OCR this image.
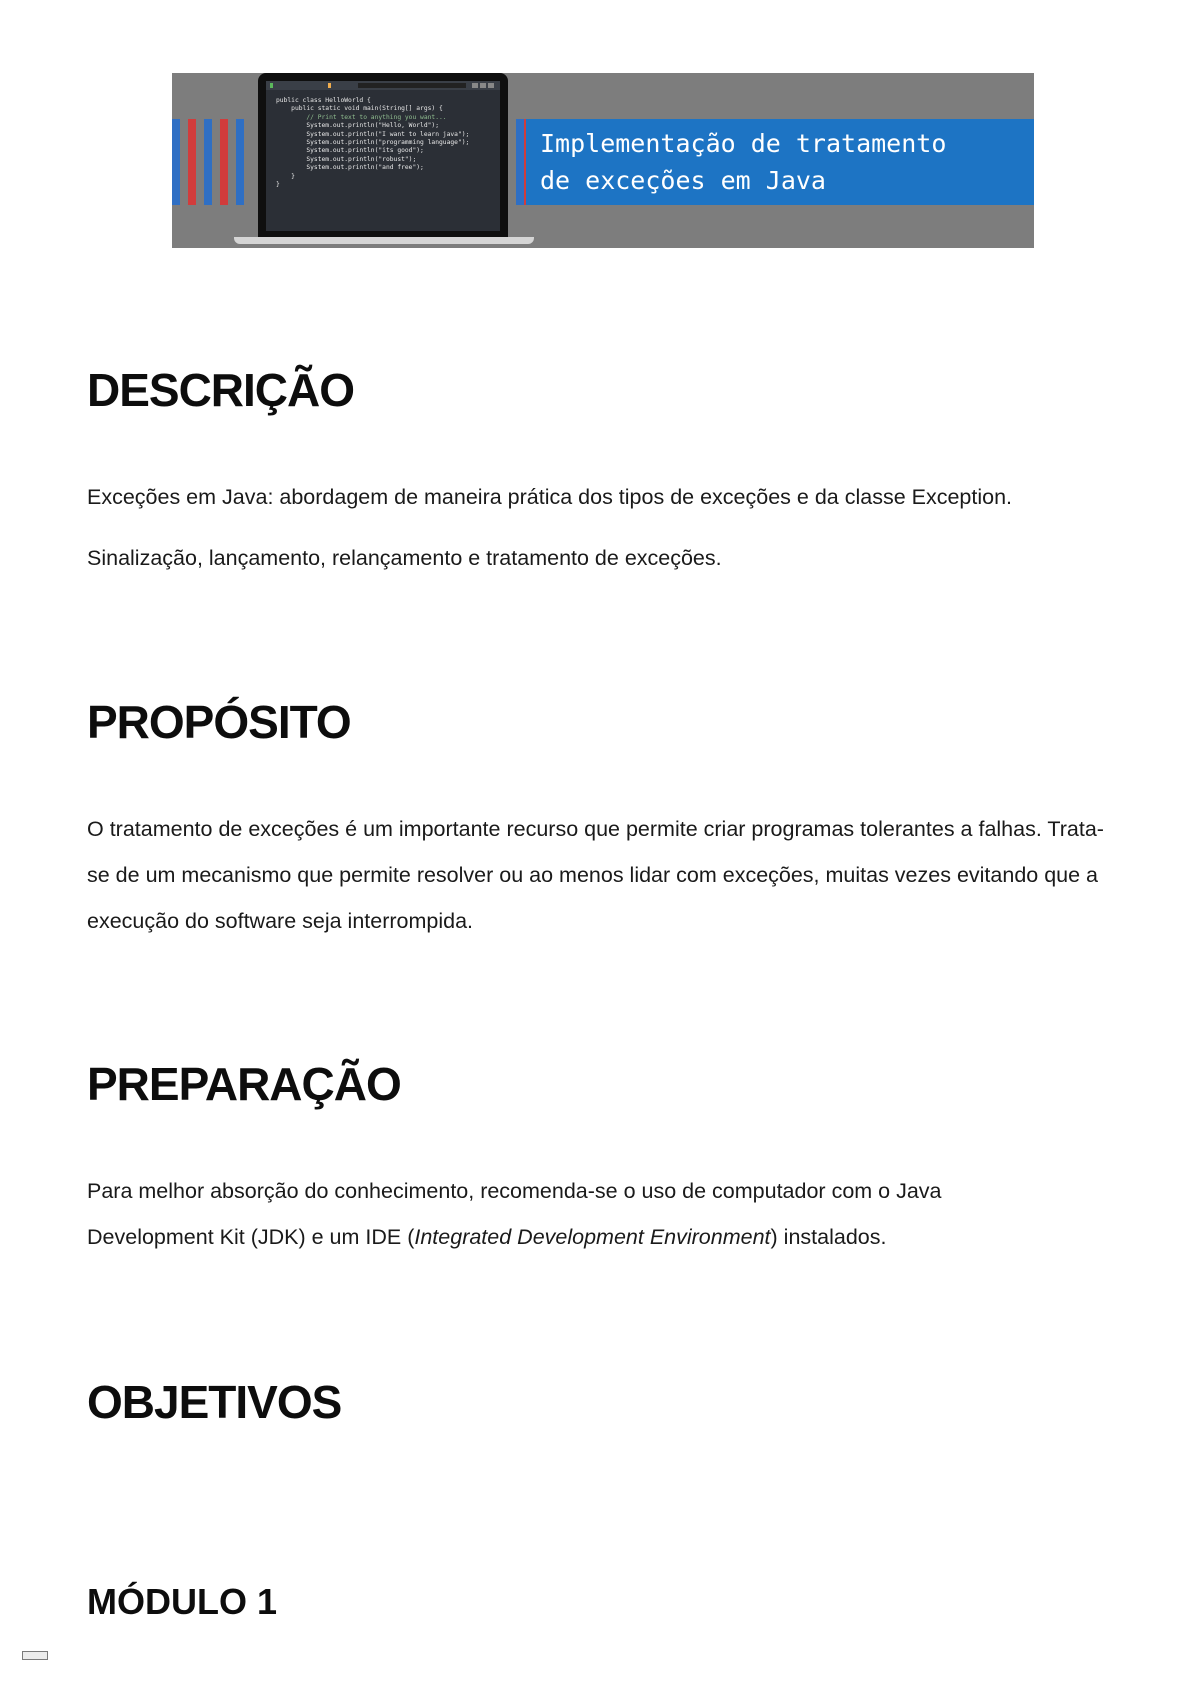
public class HelloWorld {
public static void main(String[] args) {
// Print text to anything you want...
System.out.println("Hello, World");
System.out.println("I want to learn java");
System.out.println("programming language");
System.out.println("its good");
System.out.println("robust");
System.out.println("and free");
}
}
Implementação de tratamento
de exceções em Java
DESCRIÇÃO

Exceções em Java: abordagem de maneira prática dos tipos de exceções e da classe Exception.

Sinalização, lançamento, relançamento e tratamento de exceções.

PROPÓSITO

O tratamento de exceções é um importante recurso que permite criar programas tolerantes a falhas. Trata-se de um mecanismo que permite resolver ou ao menos lidar com exceções, muitas vezes evitando que a execução do software seja interrompida.

PREPARAÇÃO

Para melhor absorção do conhecimento, recomenda-se o uso de computador com o Java Development Kit (JDK) e um IDE (Integrated Development Environment) instalados.

OBJETIVOS
MÓDULO 1
